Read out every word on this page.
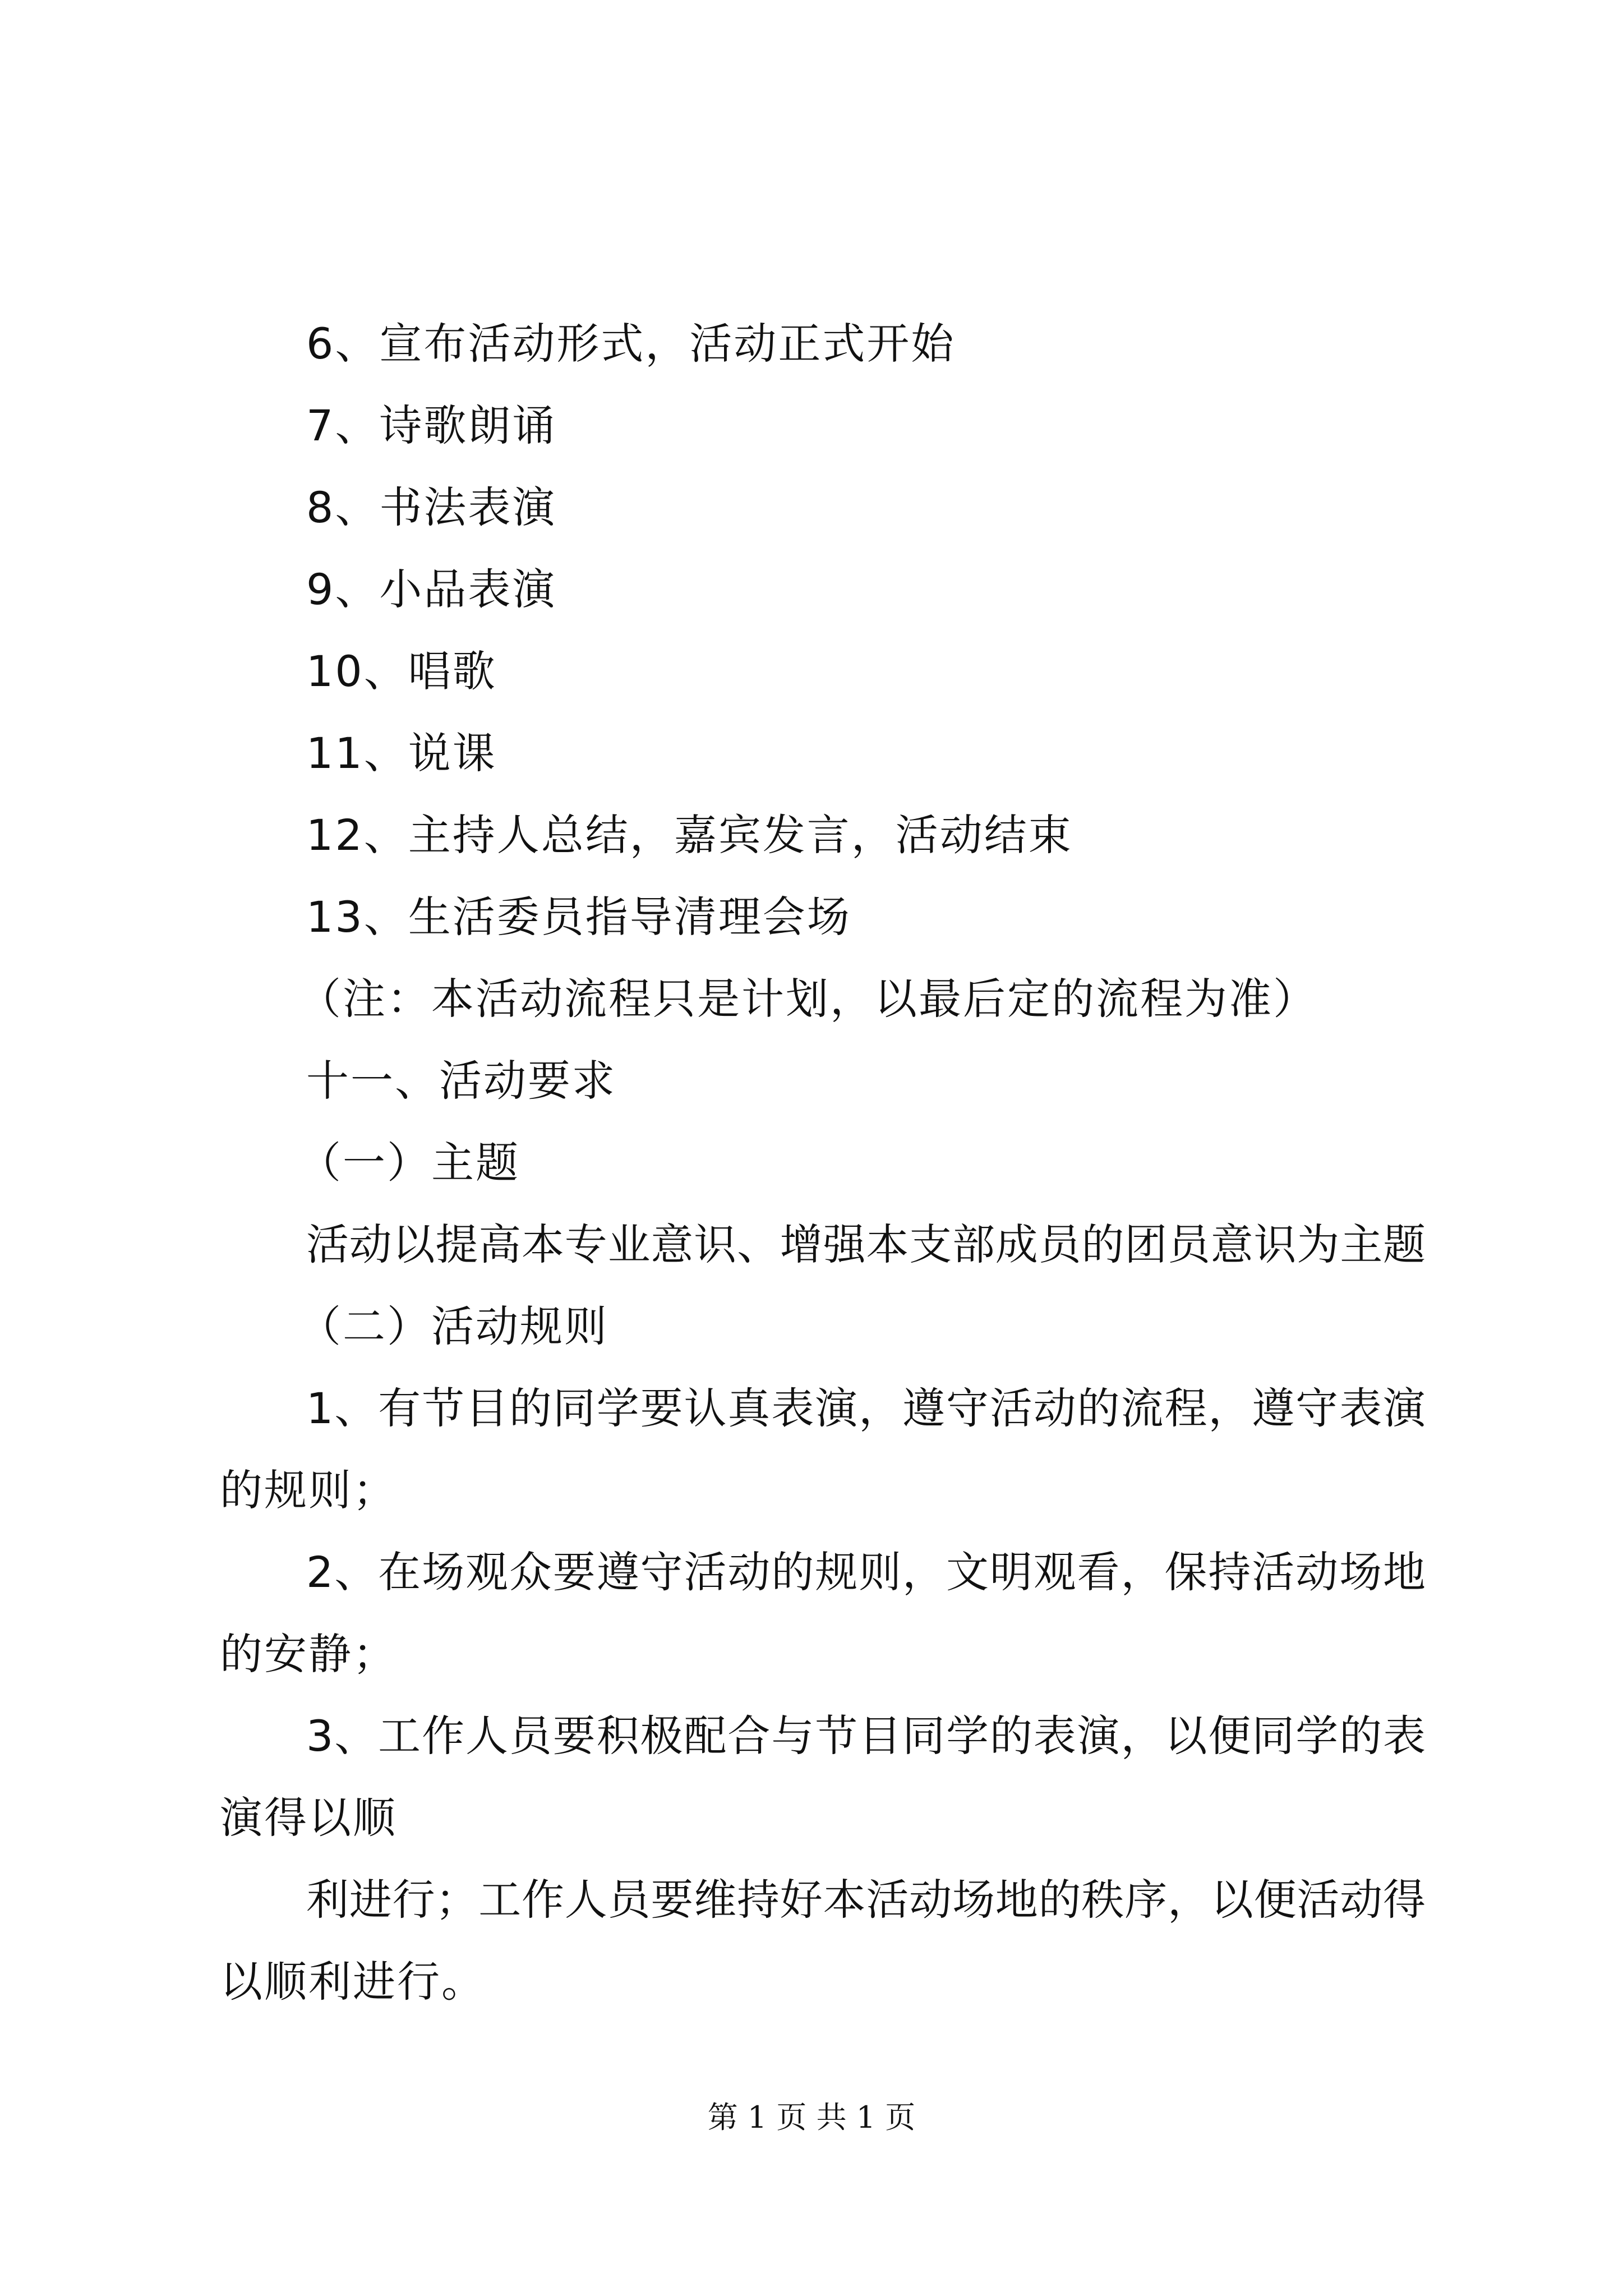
6、宣布活动形式，活动正式开始
7、诗歌朗诵
8、书法表演
9、小品表演
10、唱歌
11、说课
12、主持人总结，嘉宾发言，活动结束
13、生活委员指导清理会场
（注：本活动流程只是计划，以最后定的流程为准）
十一、活动要求
（一）主题
活动以提高本专业意识、增强本支部成员的团员意识为主题
（二）活动规则
1、有节目的同学要认真表演，遵守活动的流程，遵守表演
的规则；
2、在场观众要遵守活动的规则，文明观看，保持活动场地
的安静；
3、工作人员要积极配合与节目同学的表演，以便同学的表
演得以顺
利进行；工作人员要维持好本活动场地的秩序，以便活动得
以顺利进行。
第 1 页 共 1 页
